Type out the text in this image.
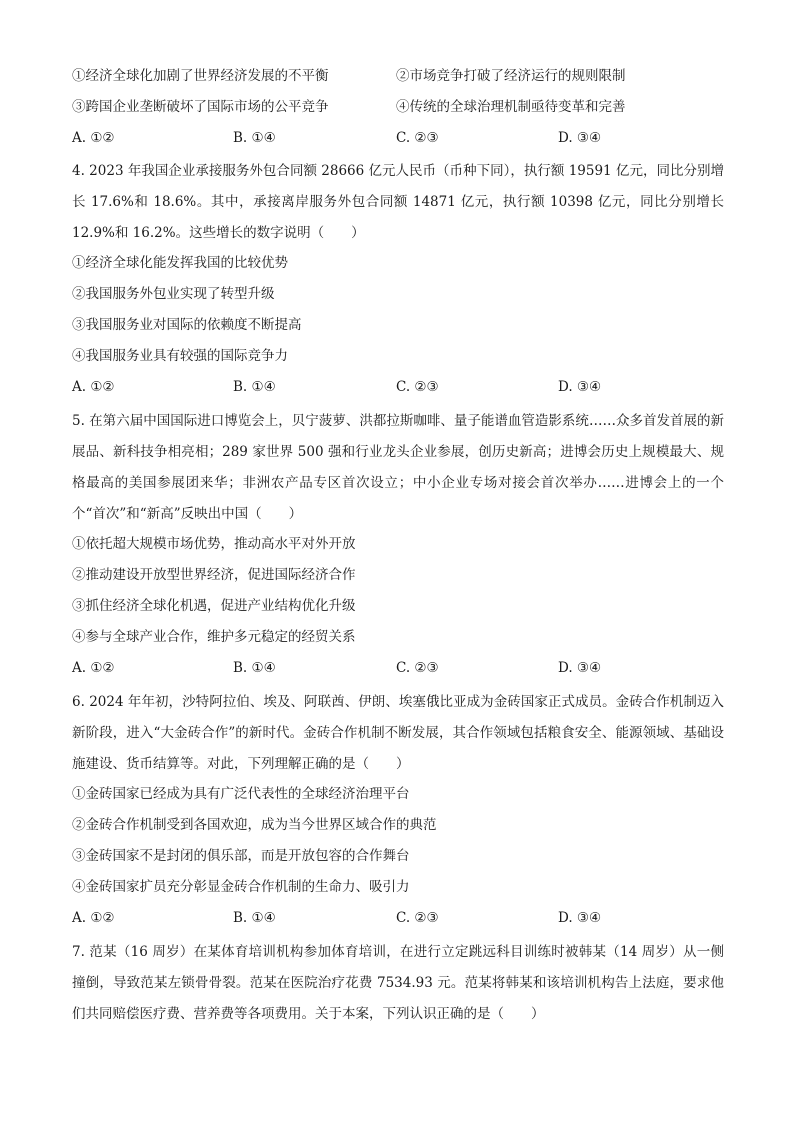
①经济全球化加剧了世界经济发展的不平衡	②市场竞争打破了经济运行的规则限制
③跨国企业垄断破坏了国际市场的公平竞争	④传统的全球治理机制亟待变革和完善
A. ①②	B. ①④	C. ②③	D. ③④
4. 2023 年我国企业承接服务外包合同额 28666 亿元人民币（币种下同），执行额 19591 亿元，同比分别增长 17.6%和 18.6%。其中，承接离岸服务外包合同额 14871 亿元，执行额 10398 亿元，同比分别增长 12.9%和 16.2%。这些增长的数字说明（　　）
①经济全球化能发挥我国的比较优势
②我国服务外包业实现了转型升级
③我国服务业对国际的依赖度不断提高
④我国服务业具有较强的国际竞争力
A. ①②	B. ①④	C. ②③	D. ③④
5. 在第六届中国国际进口博览会上，贝宁菠萝、洪都拉斯咖啡、量子能谱血管造影系统……众多首发首展的新展品、新科技争相亮相；289 家世界 500 强和行业龙头企业参展，创历史新高；进博会历史上规模最大、规格最高的美国参展团来华；非洲农产品专区首次设立；中小企业专场对接会首次举办……进博会上的一个个“首次”和“新高”反映出中国（　　）
①依托超大规模市场优势，推动高水平对外开放
②推动建设开放型世界经济，促进国际经济合作
③抓住经济全球化机遇，促进产业结构优化升级
④参与全球产业合作，维护多元稳定的经贸关系
A. ①②	B. ①④	C. ②③	D. ③④
6. 2024 年年初，沙特阿拉伯、埃及、阿联酋、伊朗、埃塞俄比亚成为金砖国家正式成员。金砖合作机制迈入新阶段，进入“大金砖合作”的新时代。金砖合作机制不断发展，其合作领域包括粮食安全、能源领域、基础设施建设、货币结算等。对此，下列理解正确的是（　　）
①金砖国家已经成为具有广泛代表性的全球经济治理平台
②金砖合作机制受到各国欢迎，成为当今世界区域合作的典范
③金砖国家不是封闭的俱乐部，而是开放包容的合作舞台
④金砖国家扩员充分彰显金砖合作机制的生命力、吸引力
A. ①②	B. ①④	C. ②③	D. ③④
7. 范某（16 周岁）在某体育培训机构参加体育培训，在进行立定跳远科目训练时被韩某（14 周岁）从一侧撞倒，导致范某左锁骨骨裂。范某在医院治疗花费 7534.93 元。范某将韩某和该培训机构告上法庭，要求他们共同赔偿医疗费、营养费等各项费用。关于本案，下列认识正确的是（　　）
